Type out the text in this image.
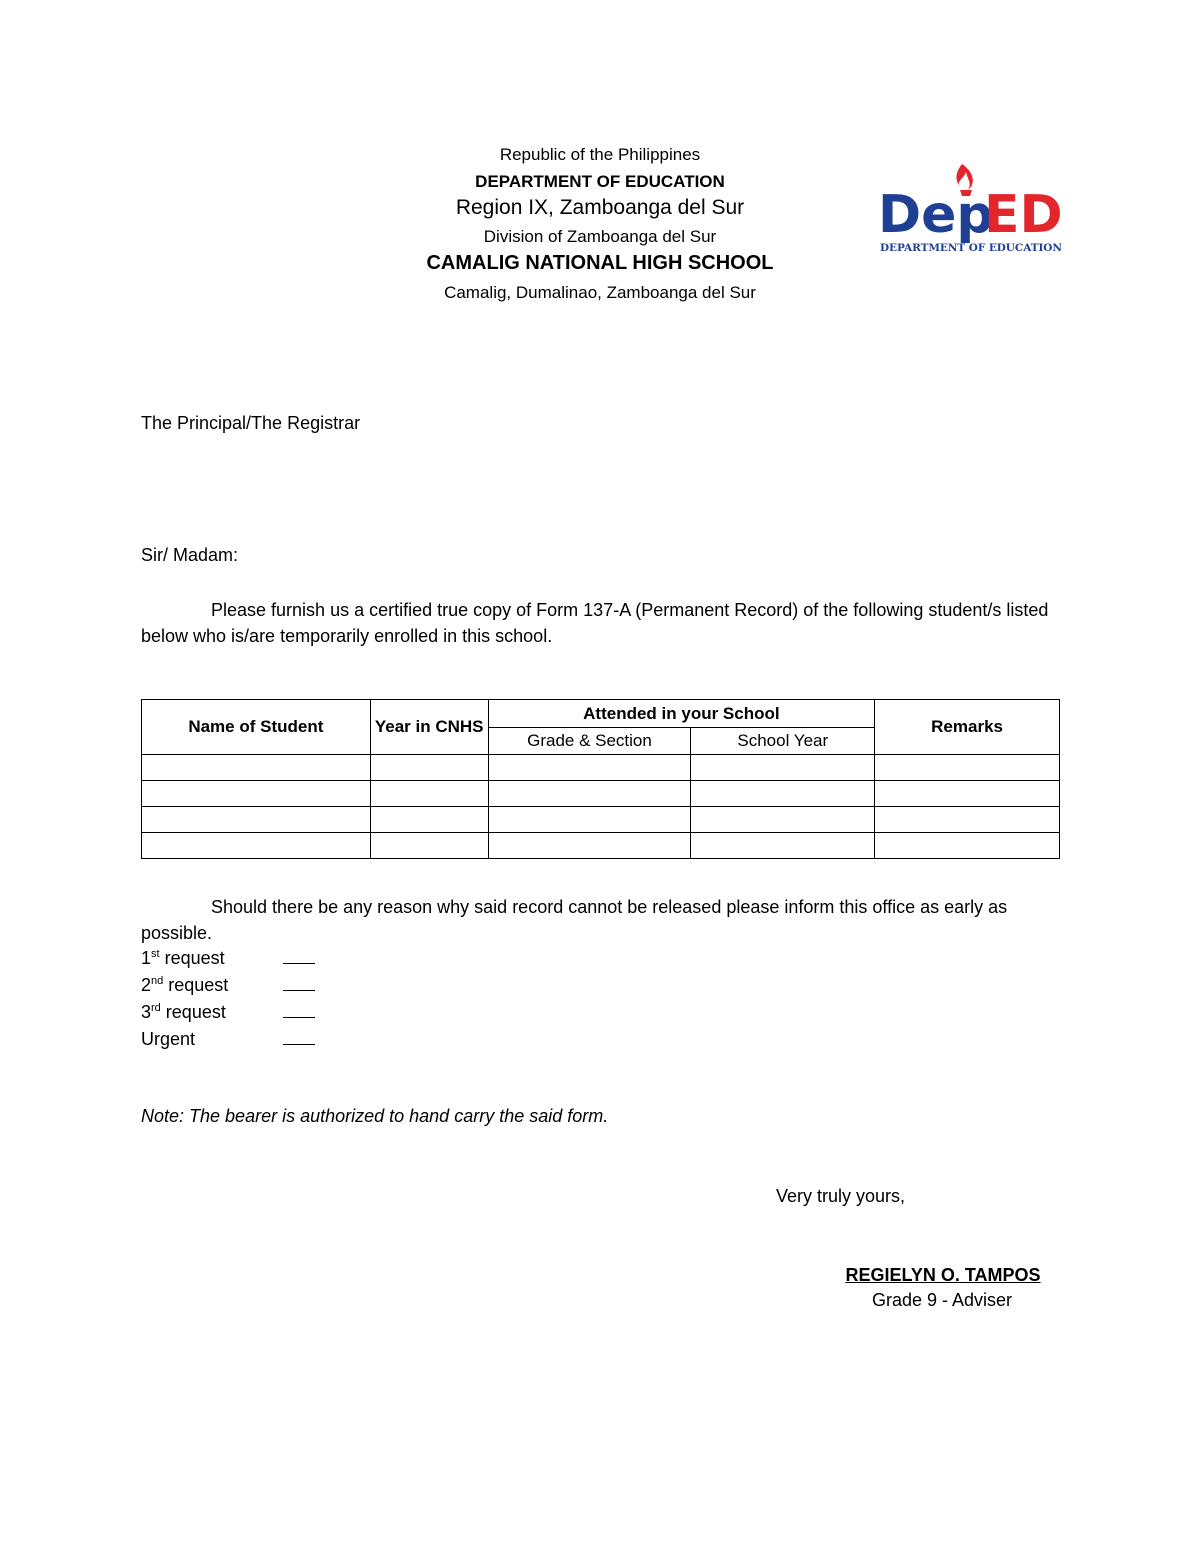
Republic of the Philippines
DEPARTMENT OF EDUCATION
Region IX, Zamboanga del Sur
Division of Zamboanga del Sur
CAMALIG NATIONAL HIGH SCHOOL
Camalig, Dumalinao, Zamboanga del Sur
Dep
ED
DEPARTMENT OF EDUCATION
The Principal/The Registrar
Sir/ Madam:
Please furnish us a certified true copy of Form 137-A (Permanent Record) of the following student/s listed below who is/are temporarily enrolled in this school.
Name of Student	Year in CNHS	Attended in your School		Remarks
		Grade & Section	School Year	

Should there be any reason why said record cannot be released please inform this office as early as possible.
1st request
2nd request
3rd request
Urgent
Note: The bearer is authorized to hand carry the said form.
Very truly yours,
REGIELYN O. TAMPOS
Grade 9 - Adviser
